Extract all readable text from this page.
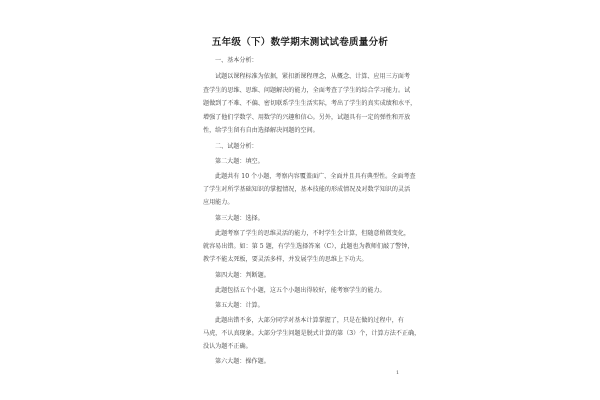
五年级（下）数学期末测试试卷质量分析
一、基本分析：
试题以课程标准为依据，紧扣新课程理念，从概念、计算、应用三方面考
查学生的思维、思维、问题解决的能力，全面考查了学生的综合学习能力。试
题做到了不难、不偏、密切联系学生生活实际，考出了学生的真实成绩和水平，
增强了他们学数学、用数学的兴趣和信心。另外，试题具有一定的弹性和开放
性，给学生留有自由选择解决问题的空间。
二、试题分析：
第二大题：填空。
此题共有 10 个小题，考察内容覆盖面广、全面并且具有典型性。全面考查
了学生对所学基础知识的掌握情况，基本技能的形成情况及对数学知识的灵活
应用能力。
第三大题：选择。
此题考察了学生的思维灵活的能力，不时学生会计算，但随意稍微变化，
就容易出错。如：第 5 题，有学生选择答案（C），此题也为教师们敲了警钟，
教学不能太死板，要灵活多样，并发展学生的思维上下功夫。
第四大题：判断题。
此题包括五个小题，这五个小题出得较好，能考察学生的能力。
第五大题：计算。
此题出错不多，大部分同学对基本计算掌握了，只是在做的过程中，有
马虎，不认真现象。大部分学生问题是脱式计算的第（3）个，计算方法不正确，
没认为题不正确。
第六大题：操作题。
1
